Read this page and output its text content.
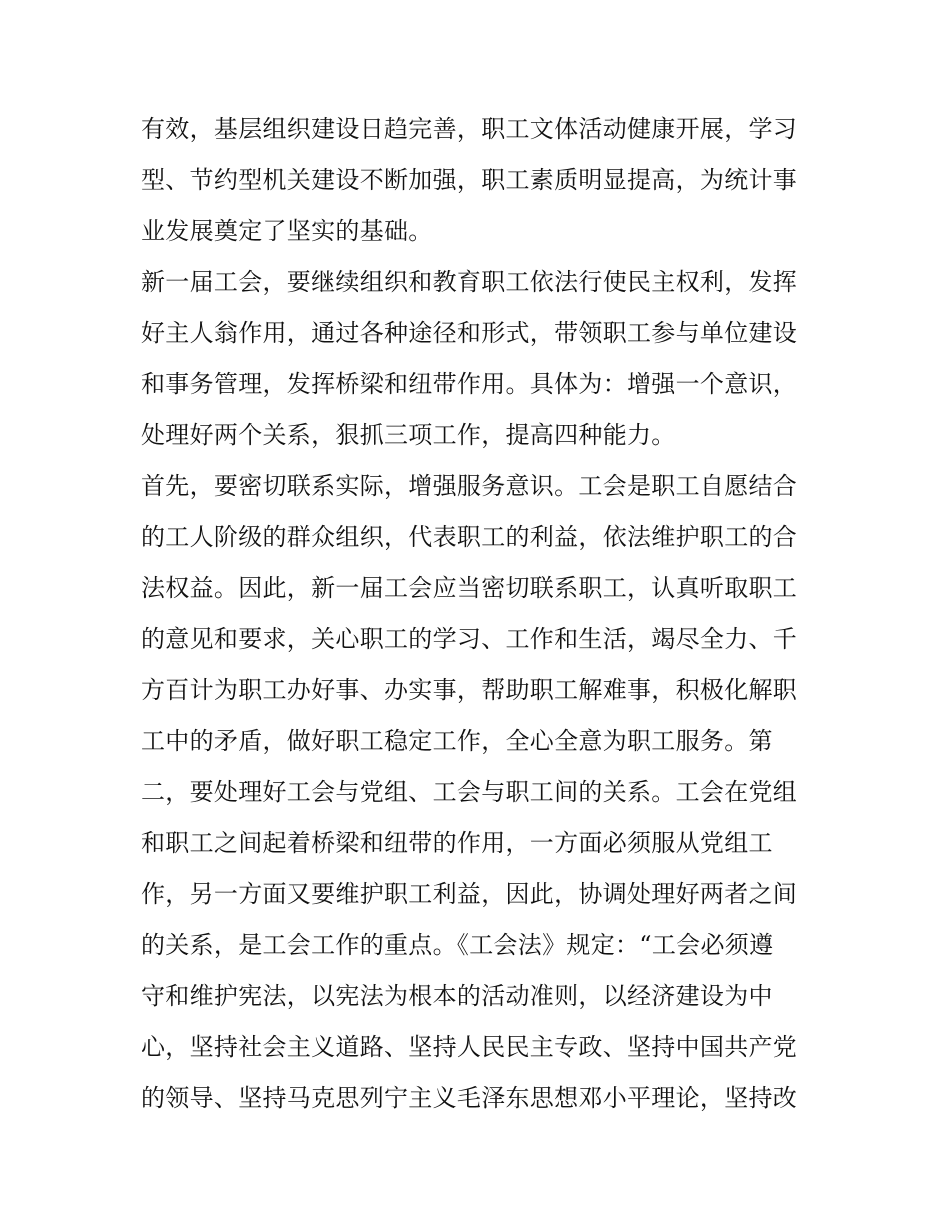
有效，基层组织建设日趋完善，职工文体活动健康开展，学习
型、节约型机关建设不断加强，职工素质明显提高，为统计事
业发展奠定了坚实的基础。
新一届工会，要继续组织和教育职工依法行使民主权利，发挥
好主人翁作用，通过各种途径和形式，带领职工参与单位建设
和事务管理，发挥桥梁和纽带作用。具体为：增强一个意识，
处理好两个关系，狠抓三项工作，提高四种能力。
首先，要密切联系实际，增强服务意识。工会是职工自愿结合
的工人阶级的群众组织，代表职工的利益，依法维护职工的合
法权益。因此，新一届工会应当密切联系职工，认真听取职工
的意见和要求，关心职工的学习、工作和生活，竭尽全力、千
方百计为职工办好事、办实事，帮助职工解难事，积极化解职
工中的矛盾，做好职工稳定工作，全心全意为职工服务。第
二，要处理好工会与党组、工会与职工间的关系。工会在党组
和职工之间起着桥梁和纽带的作用，一方面必须服从党组工
作，另一方面又要维护职工利益，因此，协调处理好两者之间
的关系，是工会工作的重点。《工会法》规定：“工会必须遵
守和维护宪法，以宪法为根本的活动准则，以经济建设为中
心，坚持社会主义道路、坚持人民民主专政、坚持中国共产党
的领导、坚持马克思列宁主义毛泽东思想邓小平理论，坚持改
